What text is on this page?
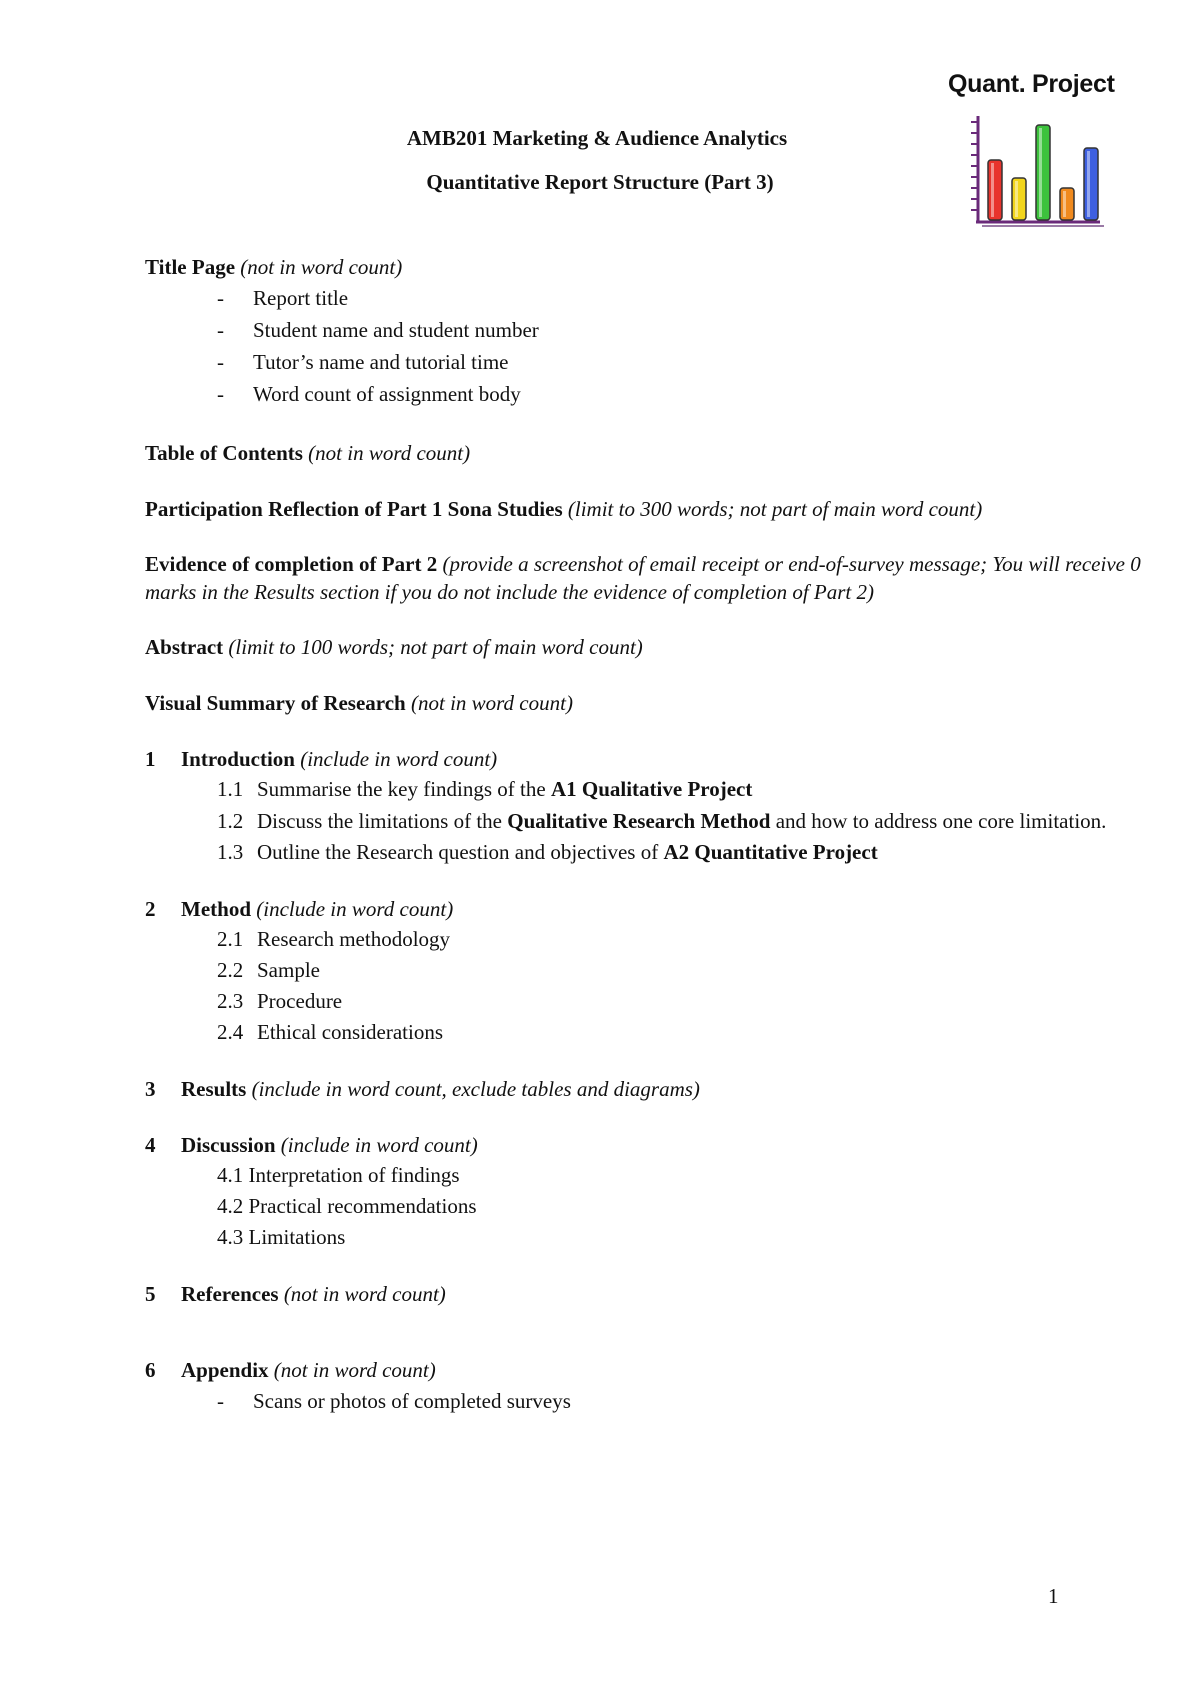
Quant. Project
AMB201 Marketing & Audience Analytics
Quantitative Report Structure (Part 3)

Title Page (not in word count)

- Report title
- Student name and student number
- Tutor’s name and tutorial time
- Word count of assignment body

Table of Contents (not in word count)

Participation Reflection of Part 1 Sona Studies (limit to 300 words; not part of main word count)

Evidence of completion of Part 2 (provide a screenshot of email receipt or end-of-survey message; You will receive 0 marks in the Results section if you do not include the evidence of completion of Part 2)

Abstract (limit to 100 words; not part of main word count)

Visual Summary of Research (not in word count)

1 Introduction (include in word count)

1.1 Summarise the key findings of the A1 Qualitative Project
1.2 Discuss the limitations of the Qualitative Research Method and how to address one core limitation.
1.3 Outline the Research question and objectives of A2 Quantitative Project

2 Method (include in word count)

2.1 Research methodology
2.2 Sample
2.3 Procedure
2.4 Ethical considerations

3 Results (include in word count, exclude tables and diagrams)

4 Discussion (include in word count)

4.1 Interpretation of findings
4.2 Practical recommendations
4.3 Limitations

5 References (not in word count)

6 Appendix (not in word count)

- Scans or photos of completed surveys
1
